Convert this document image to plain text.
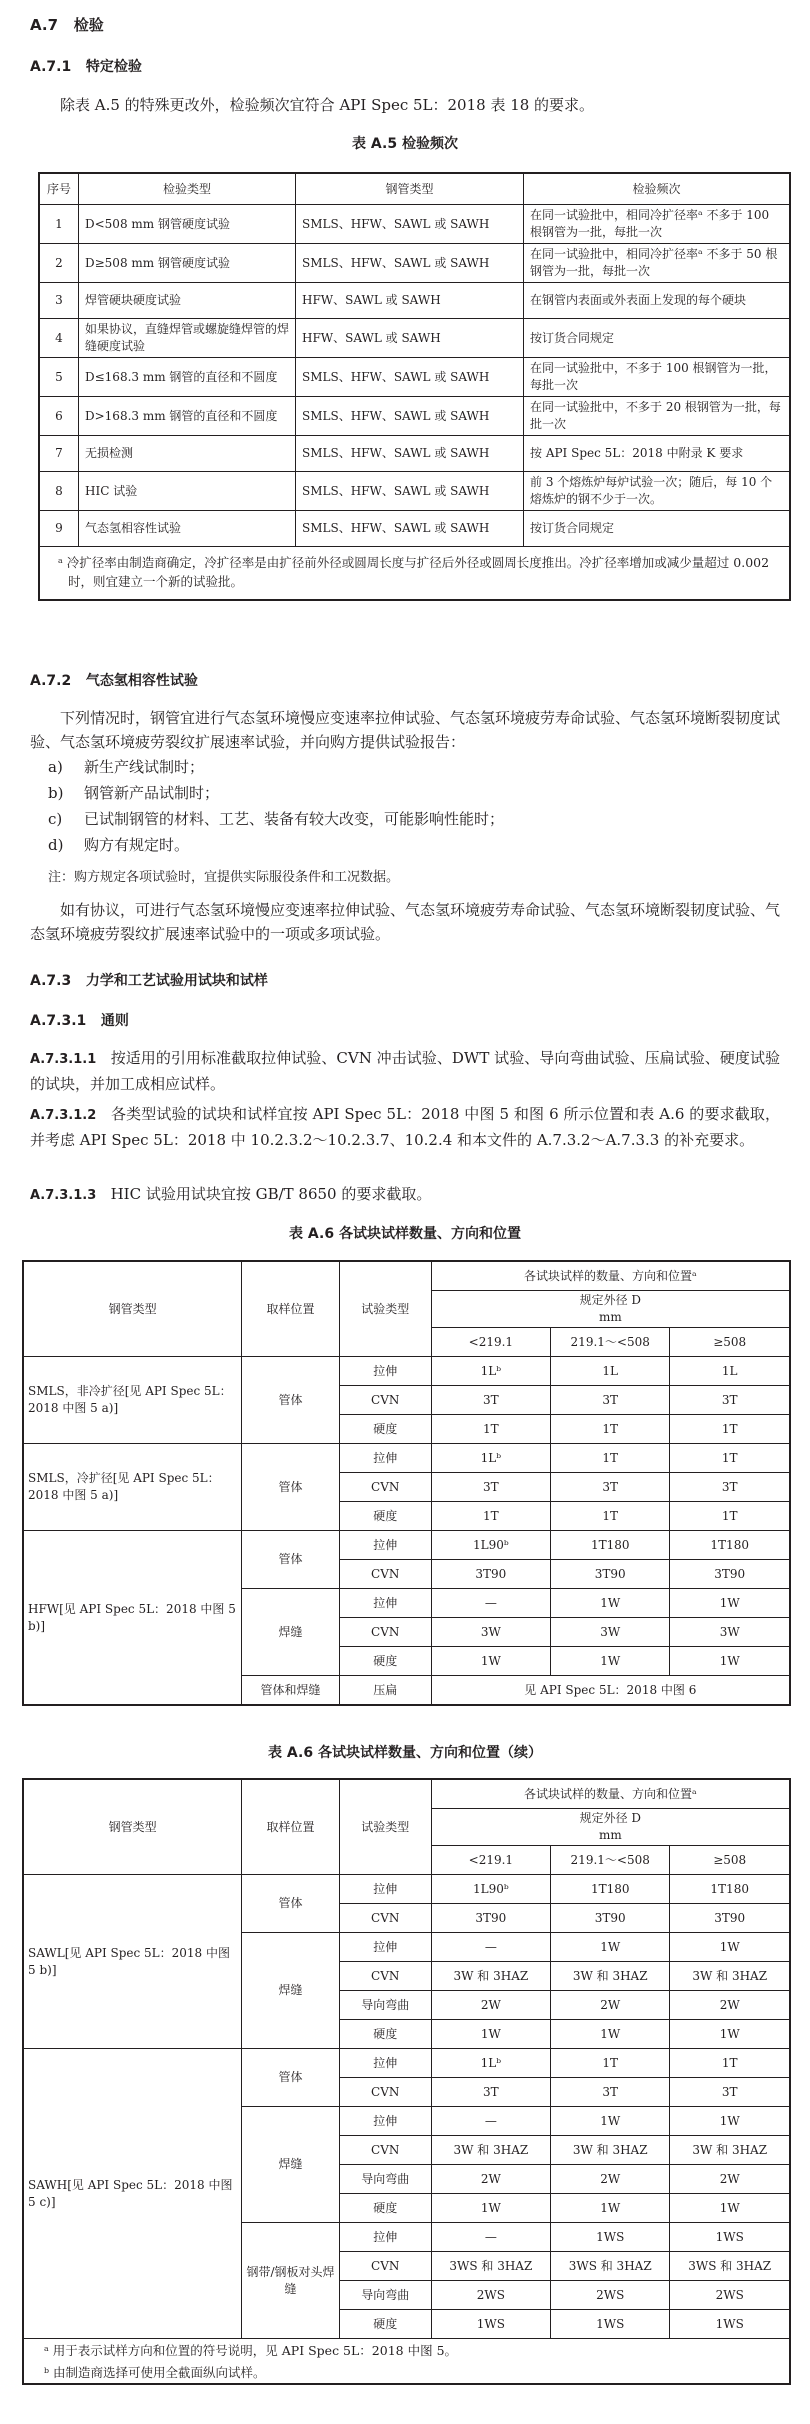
A.7 检验
A.7.1 特定检验
除表 A.5 的特殊更改外，检验频次宜符合 API Spec 5L：2018 表 18 的要求。
表 A.5 检验频次
序号	检验类型	钢管类型	检验频次
1	D<508 mm 钢管硬度试验	SMLS、HFW、SAWL 或 SAWH	在同一试验批中，相同冷扩径率ᵃ 不多于 100 根钢管为一批，每批一次
2	D≥508 mm 钢管硬度试验	SMLS、HFW、SAWL 或 SAWH	在同一试验批中，相同冷扩径率ᵃ 不多于 50 根钢管为一批，每批一次
3	焊管硬块硬度试验	HFW、SAWL 或 SAWH	在钢管内表面或外表面上发现的每个硬块
4	如果协议，直缝焊管或螺旋缝焊管的焊缝硬度试验	HFW、SAWL 或 SAWH	按订货合同规定
5	D≤168.3 mm 钢管的直径和不圆度	SMLS、HFW、SAWL 或 SAWH	在同一试验批中，不多于 100 根钢管为一批，每批一次
6	D>168.3 mm 钢管的直径和不圆度	SMLS、HFW、SAWL 或 SAWH	在同一试验批中，不多于 20 根钢管为一批，每批一次
7	无损检测	SMLS、HFW、SAWL 或 SAWH	按 API Spec 5L：2018 中附录 K 要求
8	HIC 试验	SMLS、HFW、SAWL 或 SAWH	前 3 个熔炼炉每炉试验一次；随后，每 10 个熔炼炉的钢不少于一次。
9	气态氢相容性试验	SMLS、HFW、SAWL 或 SAWH	按订货合同规定
ᵃ 冷扩径率由制造商确定，冷扩径率是由扩径前外径或圆周长度与扩径后外径或圆周长度推出。冷扩径率增加或减少量超过 0.002 时，则宜建立一个新的试验批。			
A.7.2 气态氢相容性试验
下列情况时，钢管宜进行气态氢环境慢应变速率拉伸试验、气态氢环境疲劳寿命试验、气态氢环境断裂韧度试验、气态氢环境疲劳裂纹扩展速率试验，并向购方提供试验报告：
a) 新生产线试制时；
b) 钢管新产品试制时；
c) 已试制钢管的材料、工艺、装备有较大改变，可能影响性能时；
d) 购方有规定时。
注：购方规定各项试验时，宜提供实际服役条件和工况数据。
如有协议，可进行气态氢环境慢应变速率拉伸试验、气态氢环境疲劳寿命试验、气态氢环境断裂韧度试验、气态氢环境疲劳裂纹扩展速率试验中的一项或多项试验。
A.7.3 力学和工艺试验用试块和试样
A.7.3.1 通则
A.7.3.1.1 按适用的引用标准截取拉伸试验、CVN 冲击试验、DWT 试验、导向弯曲试验、压扁试验、硬度试验的试块，并加工成相应试样。
A.7.3.1.2 各类型试验的试块和试样宜按 API Spec 5L：2018 中图 5 和图 6 所示位置和表 A.6 的要求截取，并考虑 API Spec 5L：2018 中 10.2.3.2～10.2.3.7、10.2.4 和本文件的 A.7.3.2～A.7.3.3 的补充要求。
A.7.3.1.3 HIC 试验用试块宜按 GB/T 8650 的要求截取。
表 A.6 各试块试样数量、方向和位置
钢管类型	取样位置	试验类型	各试块试样的数量、方向和位置ᵃ		

			规定外径 D
mm		

			<219.1	219.1～<508	≥508
SMLS，非冷扩径[见 API Spec 5L：2018 中图 5 a)]	管体	拉伸	1Lᵇ	1L	1L
		CVN	3T	3T	3T
		硬度	1T	1T	1T
SMLS，冷扩径[见 API Spec 5L：2018 中图 5 a)]	管体	拉伸	1Lᵇ	1T	1T
		CVN	3T	3T	3T
		硬度	1T	1T	1T
HFW[见 API Spec 5L：2018 中图 5 b)]	管体	拉伸	1L90ᵇ	1T180	1T180
		CVN	3T90	3T90	3T90
	焊缝	拉伸	—	1W	1W
		CVN	3W	3W	3W
		硬度	1W	1W	1W
	管体和焊缝	压扁	见 API Spec 5L：2018 中图 6		
表 A.6 各试块试样数量、方向和位置（续）
钢管类型	取样位置	试验类型	各试块试样的数量、方向和位置ᵃ		

			规定外径 D
mm		

			<219.1	219.1～<508	≥508
SAWL[见 API Spec 5L：2018 中图 5 b)]	管体	拉伸	1L90ᵇ	1T180	1T180
		CVN	3T90	3T90	3T90
	焊缝	拉伸	—	1W	1W
		CVN	3W 和 3HAZ	3W 和 3HAZ	3W 和 3HAZ
		导向弯曲	2W	2W	2W
		硬度	1W	1W	1W
SAWH[见 API Spec 5L：2018 中图 5 c)]	管体	拉伸	1Lᵇ	1T	1T
		CVN	3T	3T	3T
	焊缝	拉伸	—	1W	1W
		CVN	3W 和 3HAZ	3W 和 3HAZ	3W 和 3HAZ
		导向弯曲	2W	2W	2W
		硬度	1W	1W	1W
	钢带/钢板对头焊缝	拉伸	—	1WS	1WS
		CVN	3WS 和 3HAZ	3WS 和 3HAZ	3WS 和 3HAZ
		导向弯曲	2WS	2WS	2WS
		硬度	1WS	1WS	1WS
ᵃ 用于表示试样方向和位置的符号说明，见 API Spec 5L：2018 中图 5。					
ᵇ 由制造商选择可使用全截面纵向试样。					
